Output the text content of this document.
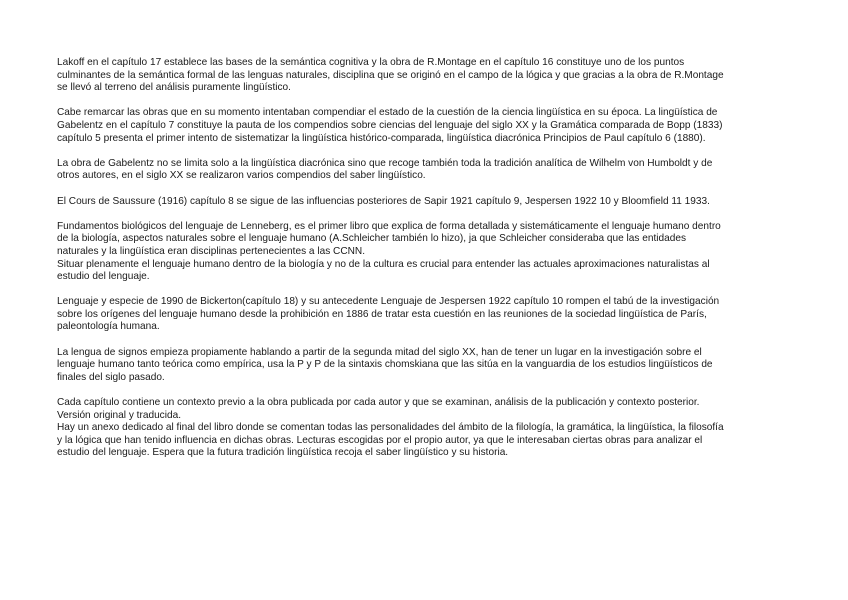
Lakoff en el capítulo 17 establece las bases de la semántica cognitiva y la obra de R.Montage en el capítulo 16 constituye uno de los puntos
culminantes de la semántica formal de las lenguas naturales, disciplina que se originó en el campo de la lógica y que gracias a la obra de R.Montage
se llevó al terreno del análisis puramente lingüístico.

Cabe remarcar las obras que en su momento intentaban compendiar el estado de la cuestión de la ciencia lingüística en su época. La lingüística de
Gabelentz en el capítulo 7 constituye la pauta de los compendios sobre ciencias del lenguaje del siglo XX y la Gramática comparada de Bopp (1833)
capítulo 5 presenta el primer intento de sistematizar la lingüística histórico-comparada, lingüística diacrónica Principios de Paul capítulo 6 (1880).

La obra de Gabelentz no se limita solo a la lingüística diacrónica sino que recoge también toda la tradición analítica de Wilhelm von Humboldt y de
otros autores, en el siglo XX se realizaron varios compendios del saber lingüístico.

El Cours de Saussure (1916) capítulo 8 se sigue de las influencias posteriores de Sapir 1921 capítulo 9, Jespersen 1922 10 y Bloomfield 11 1933.

Fundamentos biológicos del lenguaje de Lenneberg, es el primer libro que explica de forma detallada y sistemáticamente el lenguaje humano dentro
de la biología, aspectos naturales sobre el lenguaje humano (A.Schleicher también lo hizo), ja que Schleicher consideraba que las entidades
naturales y la lingüística eran disciplinas pertenecientes a las CCNN.
Situar plenamente el lenguaje humano dentro de la biología y no de la cultura es crucial para entender las actuales aproximaciones naturalistas al
estudio del lenguaje.

Lenguaje y especie de 1990 de Bickerton(capítulo 18) y su antecedente Lenguaje de Jespersen 1922 capítulo 10 rompen el tabú de la investigación
sobre los orígenes del lenguaje humano desde la prohibición en 1886 de tratar esta cuestión en las reuniones de la sociedad lingüística de París,
paleontología humana.

La lengua de signos empieza propiamente hablando a partir de la segunda mitad del siglo XX, han de tener un lugar en la investigación sobre el
lenguaje humano tanto teórica como empírica, usa la P y P de la sintaxis chomskiana que las sitúa en la vanguardia de los estudios lingüísticos de
finales del siglo pasado.

Cada capítulo contiene un contexto previo a la obra publicada por cada autor y que se examinan, análisis de la publicación y contexto posterior.
Versión original y traducida.
Hay un anexo dedicado al final del libro donde se comentan todas las personalidades del ámbito de la filología, la gramática, la lingüística, la filosofía
y la lógica que han tenido influencia en dichas obras. Lecturas escogidas por el propio autor, ya que le interesaban ciertas obras para analizar el
estudio del lenguaje. Espera que la futura tradición lingüística recoja el saber lingüístico y su historia.
